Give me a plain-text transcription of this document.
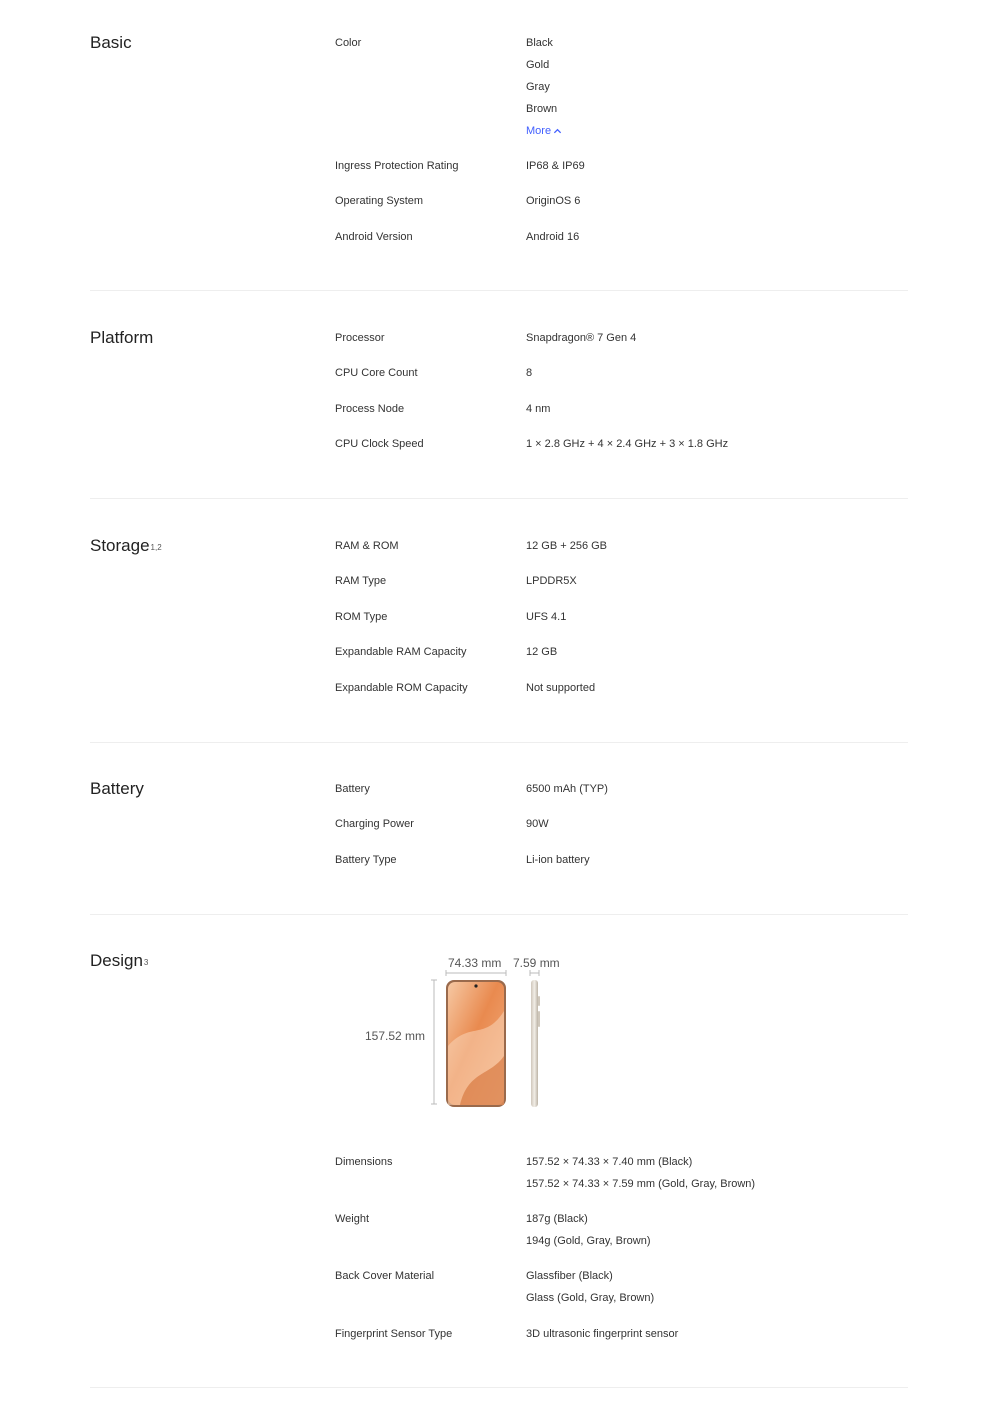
Basic	Color	Black
Gold
Gray
Brown
More
Ingress Protection Rating	IP68 & IP69
Operating System	OriginOS 6
Android Version	Android 16
Platform	Processor	Snapdragon® 7 Gen 4
CPU Core Count	8
Process Node	4 nm
CPU Clock Speed	1 × 2.8 GHz + 4 × 2.4 GHz + 3 × 1.8 GHz
Storage$^{1,2}$	RAM & ROM	12 GB + 256 GB
RAM Type	LPDDR5X
ROM Type	UFS 4.1
Expandable RAM Capacity	12 GB
Expandable ROM Capacity	Not supported
Battery	Battery	6500 mAh (TYP)
Charging Power	90W
Battery Type	Li-ion battery
Design$^3$	74.33 mm 7.59 mm
157.52 mm
Dimensions	157.52 × 74.33 × 7.40 mm (Black)
157.52 × 74.33 × 7.59 mm (Gold, Gray, Brown)
Weight	187g (Black)
194g (Gold, Gray, Brown)
Back Cover Material	Glassfiber (Black)
Glass (Gold, Gray, Brown)
Fingerprint Sensor Type	3D ultrasonic fingerprint sensor
